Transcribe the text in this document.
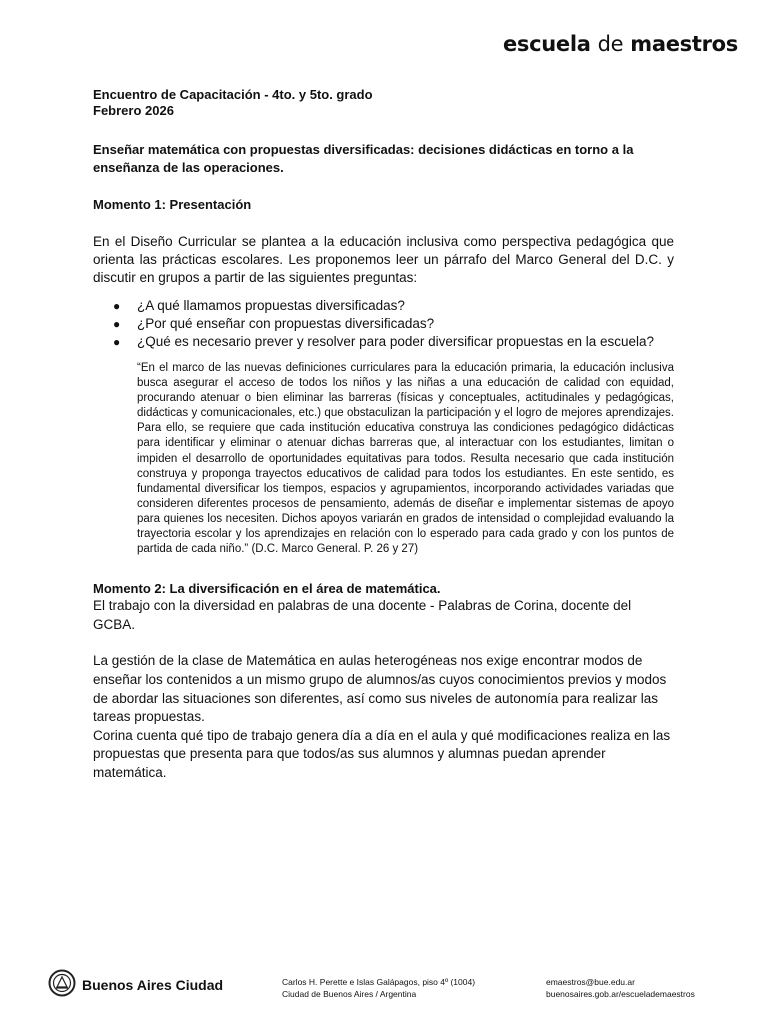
escuela de maestros

Encuentro de Capacitación - 4to. y 5to. grado

Febrero 2026

Enseñar matemática con propuestas diversificadas: decisiones didácticas en torno a la enseñanza de las operaciones.

Momento 1: Presentación

En el Diseño Curricular se plantea a la educación inclusiva como perspectiva pedagógica que orienta las prácticas escolares. Les proponemos leer un párrafo del Marco General del D.C. y discutir en grupos a partir de las siguientes preguntas:

● ¿A qué llamamos propuestas diversificadas?
● ¿Por qué enseñar con propuestas diversificadas?
● ¿Qué es necesario prever y resolver para poder diversificar propuestas en la escuela?

“En el marco de las nuevas definiciones curriculares para la educación primaria, la educación inclusiva busca asegurar el acceso de todos los niños y las niñas a una educación de calidad con equidad, procurando atenuar o bien eliminar las barreras (físicas y conceptuales, actitudinales y pedagógicas, didácticas y comunicacionales, etc.) que obstaculizan la participación y el logro de mejores aprendizajes. Para ello, se requiere que cada institución educativa construya las condiciones pedagógico didácticas para identificar y eliminar o atenuar dichas barreras que, al interactuar con los estudiantes, limitan o impiden el desarrollo de oportunidades equitativas para todos. Resulta necesario que cada institución construya y proponga trayectos educativos de calidad para todos los estudiantes. En este sentido, es fundamental diversificar los tiempos, espacios y agrupamientos, incorporando actividades variadas que consideren diferentes procesos de pensamiento, además de diseñar e implementar sistemas de apoyo para quienes los necesiten. Dichos apoyos variarán en grados de intensidad o complejidad evaluando la trayectoria escolar y los aprendizajes en relación con lo esperado para cada grado y con los puntos de partida de cada niño.” (D.C. Marco General. P. 26 y 27)

Momento 2: La diversificación en el área de matemática.

El trabajo con la diversidad en palabras de una docente - Palabras de Corina, docente del GCBA.

La gestión de la clase de Matemática en aulas heterogéneas nos exige encontrar modos de enseñar los contenidos a un mismo grupo de alumnos/as cuyos conocimientos previos y modos de abordar las situaciones son diferentes, así como sus niveles de autonomía para realizar las tareas propuestas.

Corina cuenta qué tipo de trabajo genera día a día en el aula y qué modificaciones realiza en las propuestas que presenta para que todos/as sus alumnos y alumnas puedan aprender matemática.

Buenos Aires Ciudad	Carlos H. Perette e Islas Galápagos, piso 4º (1004)
Ciudad de Buenos Aires / Argentina
emaestros@bue.edu.ar
buenosaires.gob.ar/escuelademaestros
